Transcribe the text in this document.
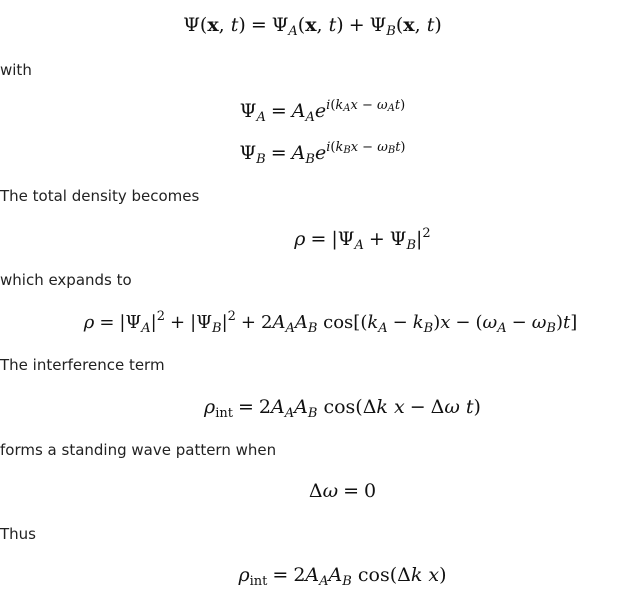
Ψ(x, $t) = \Psi_A(x$, $t) + \Psi_B(x$, t)
with
$\Psi_A = A_Ae^{i(k_Ax - \omega_At)}$
$\Psi_B = A_Be^{i(k_Bx - \omega_Bt)}$
The total density becomes
$\rho = |\Psi_A + \Psi_B|^2$
which expands to
$\rho = |\Psi_A|^2 + |\Psi_B|^2 + 2A_AA_B$ $\cos[(k_A - k_B)x - (\omega_A - \omega_B)t]$
The interference term
$\rho_{int} = 2A_AA_B$ cos(Δk x − Δω t)
forms a standing wave pattern when
Δω = 0
Thus
$\rho_{int} = 2A_AA_B$ cos(Δk x)
